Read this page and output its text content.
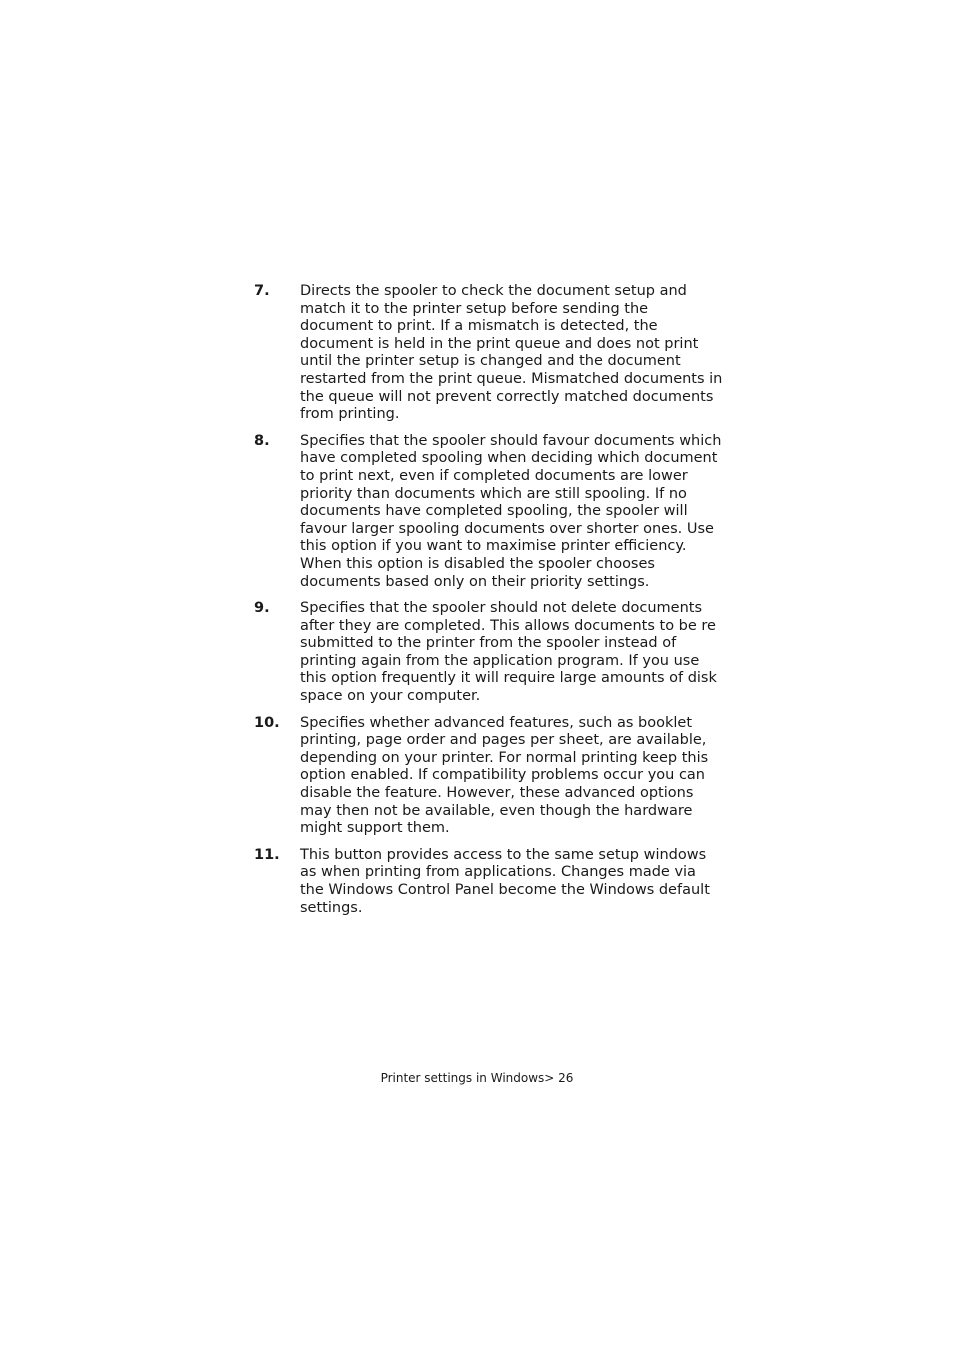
7.	Directs the spooler to check the document setup and match it to the printer setup before sending the document to print. If a mismatch is detected, the document is held in the print queue and does not print until the printer setup is changed and the document restarted from the print queue. Mismatched documents in the queue will not prevent correctly matched documents from printing.
8.	Specifies that the spooler should favour documents which have completed spooling when deciding which document to print next, even if completed documents are lower priority than documents which are still spooling. If no documents have completed spooling, the spooler will favour larger spooling documents over shorter ones. Use this option if you want to maximise printer efficiency. When this option is disabled the spooler chooses documents based only on their priority settings.
9.	Specifies that the spooler should not delete documents after they are completed. This allows documents to be re submitted to the printer from the spooler instead of printing again from the application program. If you use this option frequently it will require large amounts of disk space on your computer.
10.	Specifies whether advanced features, such as booklet printing, page order and pages per sheet, are available, depending on your printer. For normal printing keep this option enabled. If compatibility problems occur you can disable the feature. However, these advanced options may then not be available, even though the hardware might support them.
11.	This button provides access to the same setup windows as when printing from applications. Changes made via the Windows Control Panel become the Windows default settings.
Printer settings in Windows> 26
